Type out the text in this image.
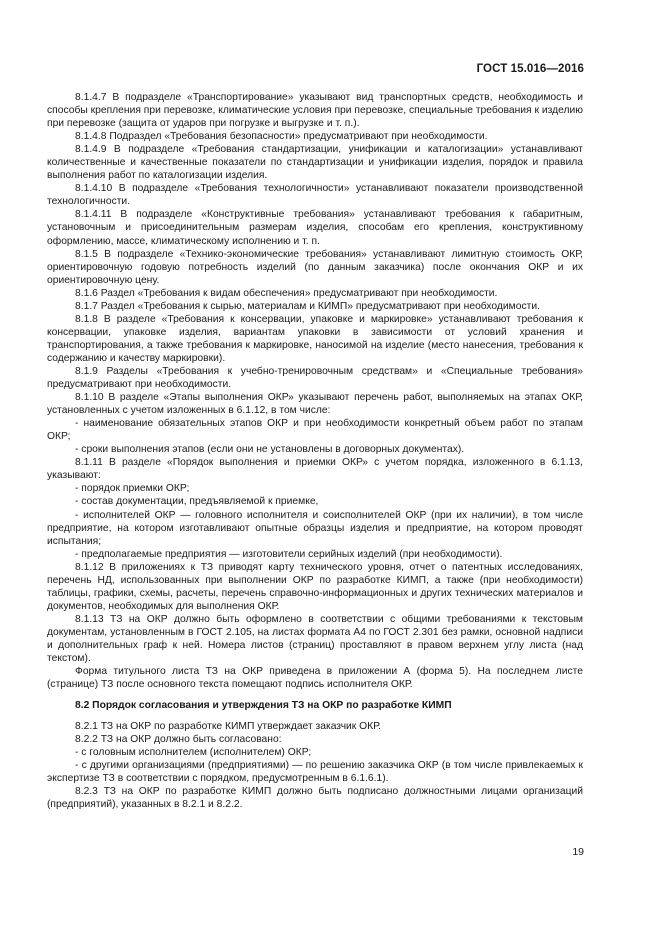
ГОСТ 15.016—2016

8.1.4.7 В подразделе «Транспортирование» указывают вид транспортных средств, необходимость и способы крепления при перевозке, климатические условия при перевозке, специальные требования к изделию при перевозке (защита от ударов при погрузке и выгрузке и т. п.).

8.1.4.8 Подраздел «Требования безопасности» предусматривают при необходимости.

8.1.4.9 В подразделе «Требования стандартизации, унификации и каталогизации» устанавливают количественные и качественные показатели по стандартизации и унификации изделия, порядок и правила выполнения работ по каталогизации изделия.

8.1.4.10 В подразделе «Требования технологичности» устанавливают показатели производственной технологичности.

8.1.4.11 В подразделе «Конструктивные требования» устанавливают требования к габаритным, установочным и присоединительным размерам изделия, способам его крепления, конструктивному оформлению, массе, климатическому исполнению и т. п.

8.1.5 В подразделе «Технико-экономические требования» устанавливают лимитную стоимость ОКР, ориентировочную годовую потребность изделий (по данным заказчика) после окончания ОКР и их ориентировочную цену.

8.1.6 Раздел «Требования к видам обеспечения» предусматривают при необходимости.

8.1.7 Раздел «Требования к сырью, материалам и КИМП» предусматривают при необходимости.

8.1.8 В разделе «Требования к консервации, упаковке и маркировке» устанавливают требования к консервации, упаковке изделия, вариантам упаковки в зависимости от условий хранения и транспортирования, а также требования к маркировке, наносимой на изделие (место нанесения, требования к содержанию и качеству маркировки).

8.1.9 Разделы «Требования к учебно-тренировочным средствам» и «Специальные требования» предусматривают при необходимости.

8.1.10 В разделе «Этапы выполнения ОКР» указывают перечень работ, выполняемых на этапах ОКР, установленных с учетом изложенных в 6.1.12, в том числе:

- наименование обязательных этапов ОКР и при необходимости конкретный объем работ по этапам ОКР;

- сроки выполнения этапов (если они не установлены в договорных документах).

8.1.11 В разделе «Порядок выполнения и приемки ОКР» с учетом порядка, изложенного в 6.1.13, указывают:

- порядок приемки ОКР;

- состав документации, предъявляемой к приемке,

- исполнителей ОКР — головного исполнителя и соисполнителей ОКР (при их наличии), в том числе предприятие, на котором изготавливают опытные образцы изделия и предприятие, на котором проводят испытания;

- предполагаемые предприятия — изготовители серийных изделий (при необходимости).

8.1.12 В приложениях к ТЗ приводят карту технического уровня, отчет о патентных исследованиях, перечень НД, использованных при выполнении ОКР по разработке КИМП, а также (при необходимости) таблицы, графики, схемы, расчеты, перечень справочно-информационных и других технических материалов и документов, необходимых для выполнения ОКР.

8.1.13 ТЗ на ОКР должно быть оформлено в соответствии с общими требованиями к текстовым документам, установленным в ГОСТ 2.105, на листах формата А4 по ГОСТ 2.301 без рамки, основной надписи и дополнительных граф к ней. Номера листов (страниц) проставляют в правом верхнем углу листа (над текстом).

Форма титульного листа ТЗ на ОКР приведена в приложении А (форма 5). На последнем листе (странице) ТЗ после основного текста помещают подпись исполнителя ОКР.

8.2 Порядок согласования и утверждения ТЗ на ОКР по разработке КИМП

8.2.1 ТЗ на ОКР по разработке КИМП утверждает заказчик ОКР.

8.2.2 ТЗ на ОКР должно быть согласовано:

- с головным исполнителем (исполнителем) ОКР;

- с другими организациями (предприятиями) — по решению заказчика ОКР (в том числе привлекаемых к экспертизе ТЗ в соответствии с порядком, предусмотренным в 6.1.6.1).

8.2.3 ТЗ на ОКР по разработке КИМП должно быть подписано должностными лицами организаций (предприятий), указанных в 8.2.1 и 8.2.2.

19
